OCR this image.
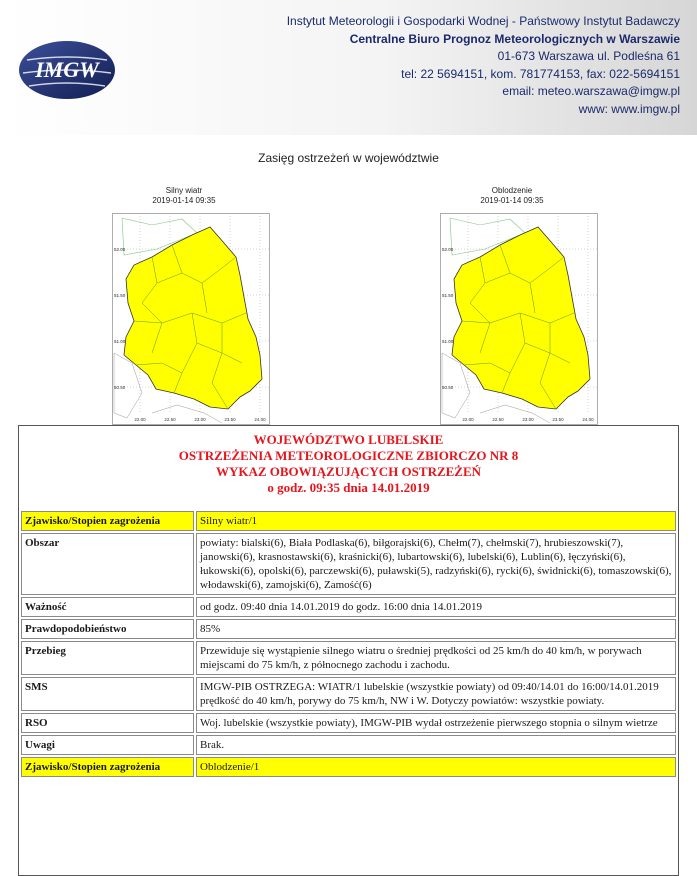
IMGW
Instytut Meteorologii i Gospodarki Wodnej - Państwowy Instytut Badawczy
Centralne Biuro Prognoz Meteorologicznych w Warszawie
01-673 Warszawa ul. Podleśna 61
tel: 22 5694151, kom. 781774153, fax: 022-5694151
email: meteo.warszawa@imgw.pl
www: www.imgw.pl
Zasięg ostrzeżeń w województwie
Silny wiatr
2019-01-14 09:35
52.00
51.50
51.00
50.50
22.00	22.50	23.00	23.50	24.00
Oblodzenie
2019-01-14 09:35
52.00
51.50
51.00
50.50
22.00	22.50	23.00	23.50	24.00
WOJEWÓDZTWO LUBELSKIE
OSTRZEŻENIA METEOROLOGICZNE ZBIORCZO NR 8
WYKAZ OBOWIĄZUJĄCYCH OSTRZEŻEŃ
o godz. 09:35 dnia 14.01.2019
Zjawisko/Stopien zagrożenia	Silny wiatr/1
Obszar	powiaty: bialski(6), Biała Podlaska(6), biłgorajski(6), Chełm(7), chełmski(7), hrubieszowski(7), janowski(6), krasnostawski(6), kraśnicki(6), lubartowski(6), lubelski(6), Lublin(6), łęczyński(6), łukowski(6), opolski(6), parczewski(6), puławski(5), radzyński(6), rycki(6), świdnicki(6), tomaszowski(6), włodawski(6), zamojski(6), Zamość(6)
Ważność	od godz. 09:40 dnia 14.01.2019 do godz. 16:00 dnia 14.01.2019
Prawdopodobieństwo	85%
Przebieg	Przewiduje się wystąpienie silnego wiatru o średniej prędkości od 25 km/h do 40 km/h, w porywach miejscami do 75 km/h, z północnego zachodu i zachodu.
SMS	IMGW-PIB OSTRZEGA: WIATR/1 lubelskie (wszystkie powiaty) od 09:40/14.01 do 16:00/14.01.2019 prędkość do 40 km/h, porywy do 75 km/h, NW i W. Dotyczy powiatów: wszystkie powiaty.
RSO	Woj. lubelskie (wszystkie powiaty), IMGW-PIB wydał ostrzeżenie pierwszego stopnia o silnym wietrze
Uwagi	Brak.
Zjawisko/Stopien zagrożenia	Oblodzenie/1
